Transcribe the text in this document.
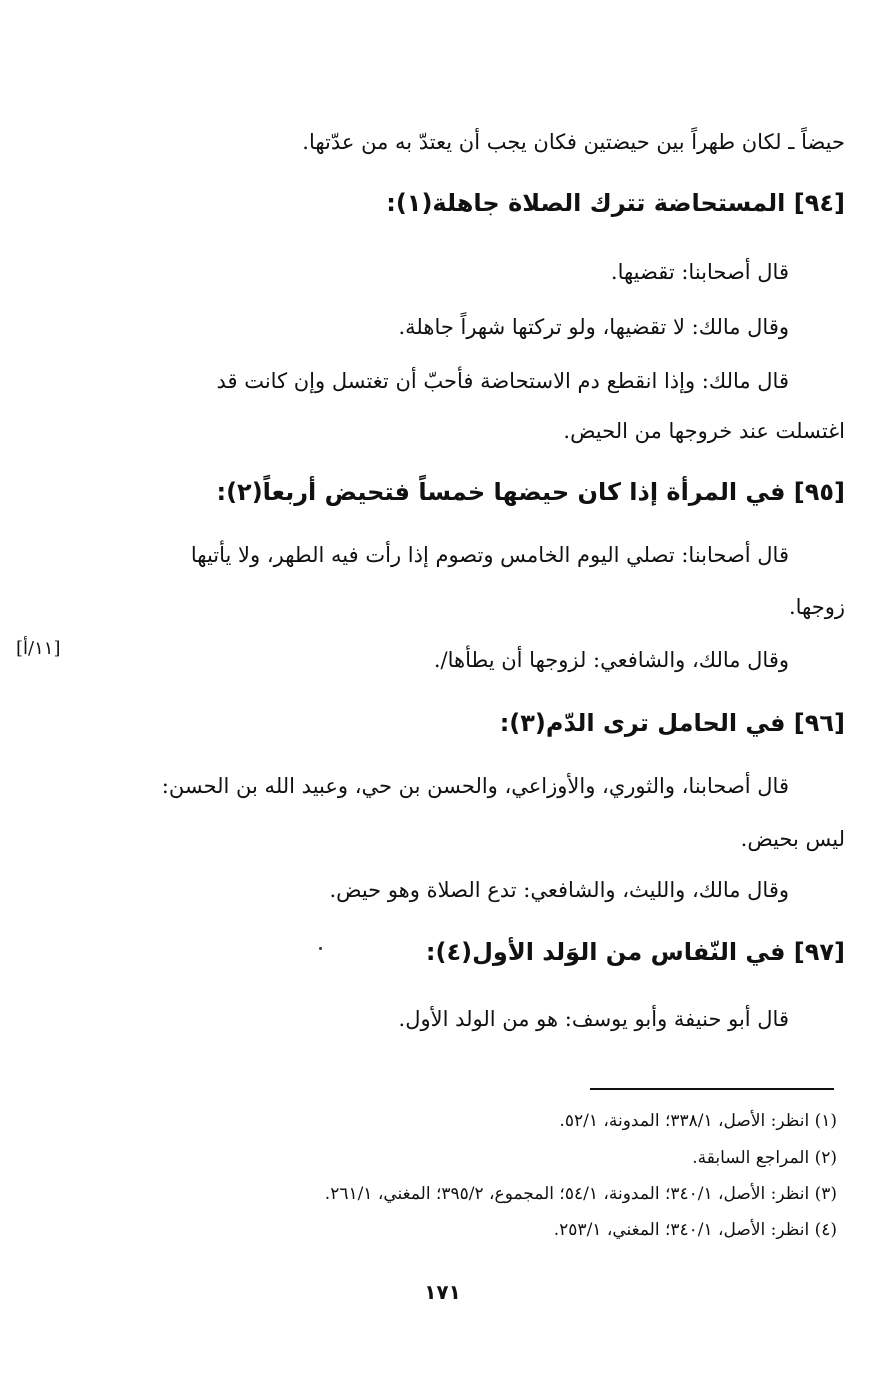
حيضاً ـ لكان طهراً بين حيضتين فكان يجب أن يعتدّ به من عدّتها.
[٩٤] المستحاضة تترك الصلاة جاهلة(١):
قال أصحابنا: تقضيها.
وقال مالك: لا تقضيها، ولو تركتها شهراً جاهلة.
قال مالك: وإذا انقطع دم الاستحاضة فأحبّ أن تغتسل وإن كانت قد
اغتسلت عند خروجها من الحيض.
[٩٥] في المرأة إذا كان حيضها خمساً فتحيض أربعاً(٢):
قال أصحابنا: تصلي اليوم الخامس وتصوم إذا رأت فيه الطهر، ولا يأتيها
زوجها.
وقال مالك، والشافعي: لزوجها أن يطأها/.
[١١/أ]
[٩٦] في الحامل ترى الدّم(٣):
قال أصحابنا، والثوري، والأوزاعي، والحسن بن حي، وعبيد الله بن الحسن:
ليس بحيض.
وقال مالك، والليث، والشافعي: تدع الصلاة وهو حيض.
[٩٧] في النّفاس من الوَلد الأول(٤):
قال أبو حنيفة وأبو يوسف: هو من الولد الأول.
(١) انظر: الأصل، ٣٣٨/١؛ المدونة، ٥٢/١.
(٢) المراجع السابقة.
(٣) انظر: الأصل، ٣٤٠/١؛ المدونة، ٥٤/١؛ المجموع، ٣٩٥/٢؛ المغني، ٢٦١/١.
(٤) انظر: الأصل، ٣٤٠/١؛ المغني، ٢٥٣/١.
١٧١
